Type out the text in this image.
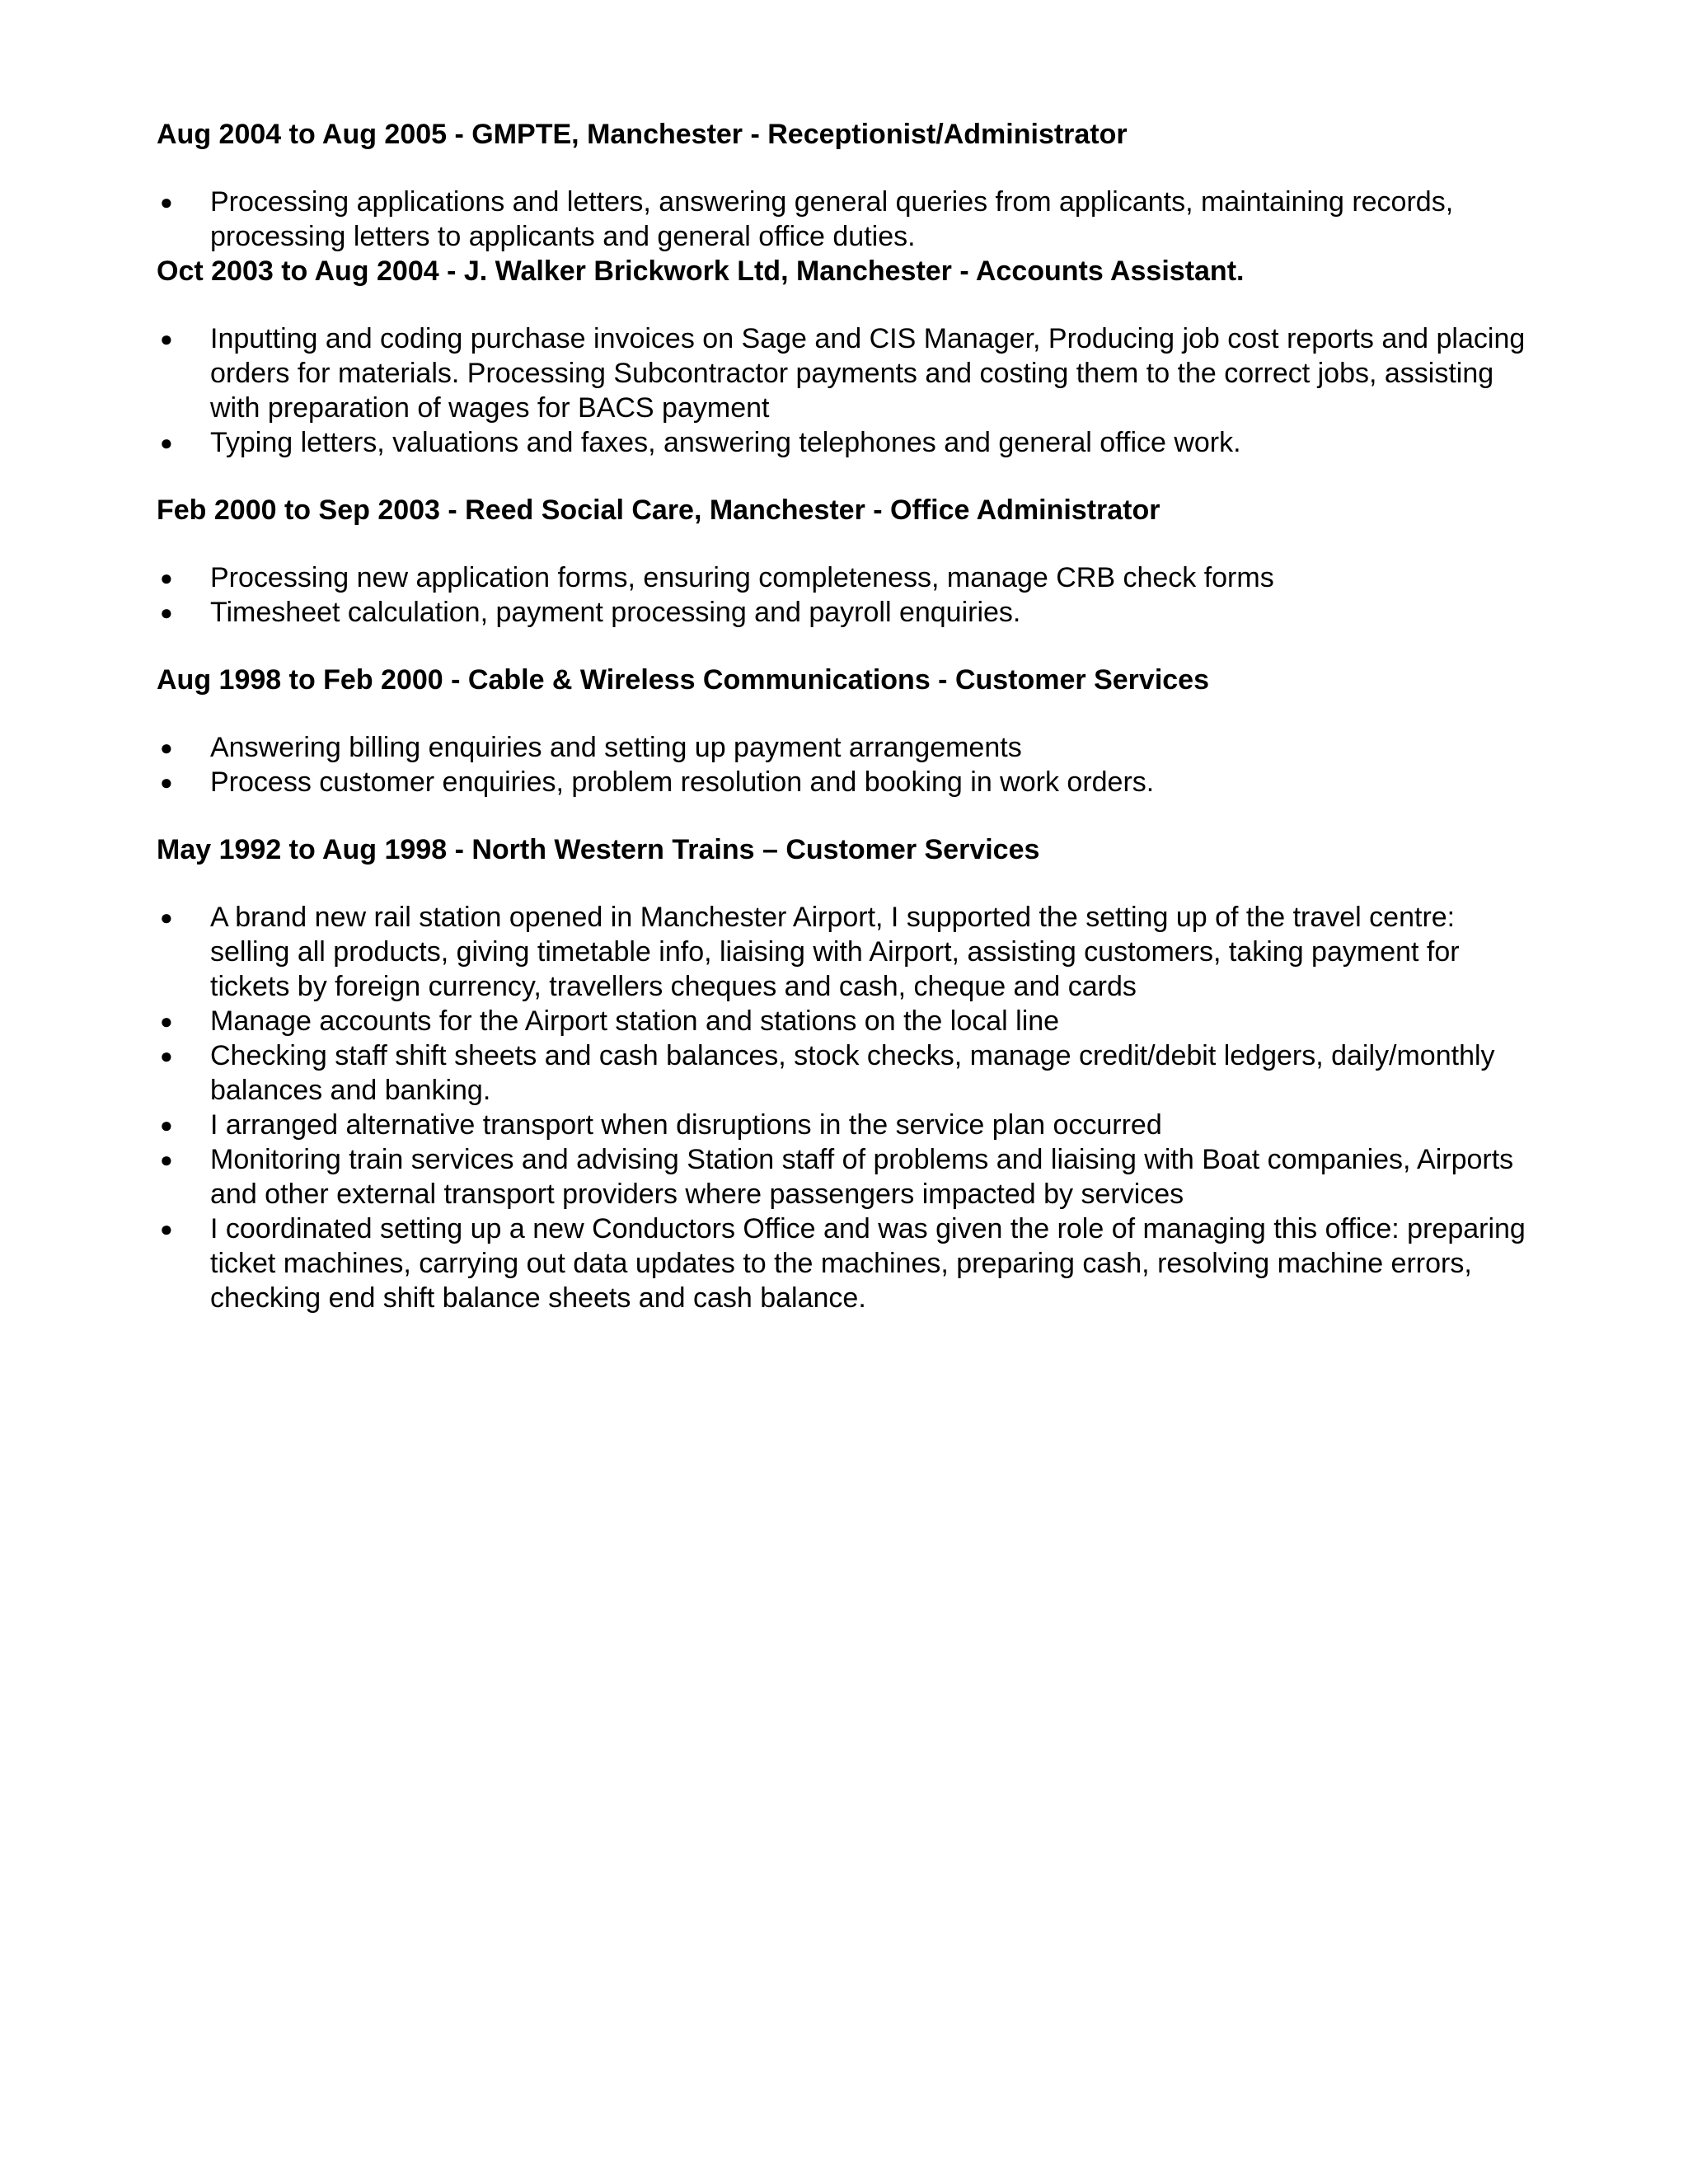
Aug 2004 to Aug 2005 - GMPTE, Manchester - Receptionist/Administrator

● Processing applications and letters, answering general queries from applicants, maintaining records, processing letters to applicants and general office duties.

Oct 2003 to Aug 2004 - J. Walker Brickwork Ltd, Manchester - Accounts Assistant.

● Inputting and coding purchase invoices on Sage and CIS Manager, Producing job cost reports and placing orders for materials. Processing Subcontractor payments and costing them to the correct jobs, assisting with preparation of wages for BACS payment
● Typing letters, valuations and faxes, answering telephones and general office work.

Feb 2000 to Sep 2003 - Reed Social Care, Manchester - Office Administrator

● Processing new application forms, ensuring completeness, manage CRB check forms
● Timesheet calculation, payment processing and payroll enquiries.

Aug 1998 to Feb 2000 - Cable & Wireless Communications - Customer Services

● Answering billing enquiries and setting up payment arrangements
● Process customer enquiries, problem resolution and booking in work orders.

May 1992 to Aug 1998 - North Western Trains – Customer Services

● A brand new rail station opened in Manchester Airport, I supported the setting up of the travel centre: selling all products, giving timetable info, liaising with Airport, assisting customers, taking payment for tickets by foreign currency, travellers cheques and cash, cheque and cards
● Manage accounts for the Airport station and stations on the local line
● Checking staff shift sheets and cash balances, stock checks, manage credit/debit ledgers, daily/monthly balances and banking.
● I arranged alternative transport when disruptions in the service plan occurred
● Monitoring train services and advising Station staff of problems and liaising with Boat companies, Airports and other external transport providers where passengers impacted by services
● I coordinated setting up a new Conductors Office and was given the role of managing this office: preparing ticket machines, carrying out data updates to the machines, preparing cash, resolving machine errors, checking end shift balance sheets and cash balance.
